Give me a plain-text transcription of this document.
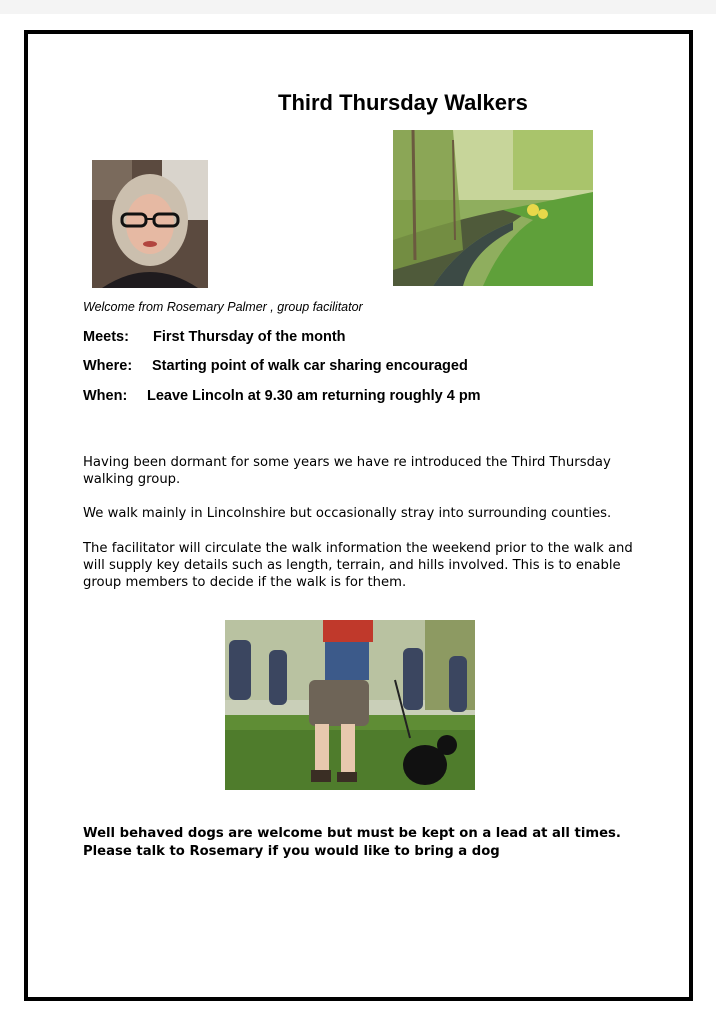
Third Thursday Walkers
Welcome from Rosemary Palmer , group facilitator
Meets: First Thursday of the month
Where: Starting point of walk car sharing encouraged
When: Leave Lincoln at 9.30 am returning roughly 4 pm

Having been dormant for some years we have re introduced the Third Thursday walking group.

We walk mainly in Lincolnshire but occasionally stray into surrounding counties.

The facilitator will circulate the walk information the weekend prior to the walk and will supply key details such as length, terrain, and hills involved. This is to enable group members to decide if the walk is for them.

Well behaved dogs are welcome but must be kept on a lead at all times. Please talk to Rosemary if you would like to bring a dog
